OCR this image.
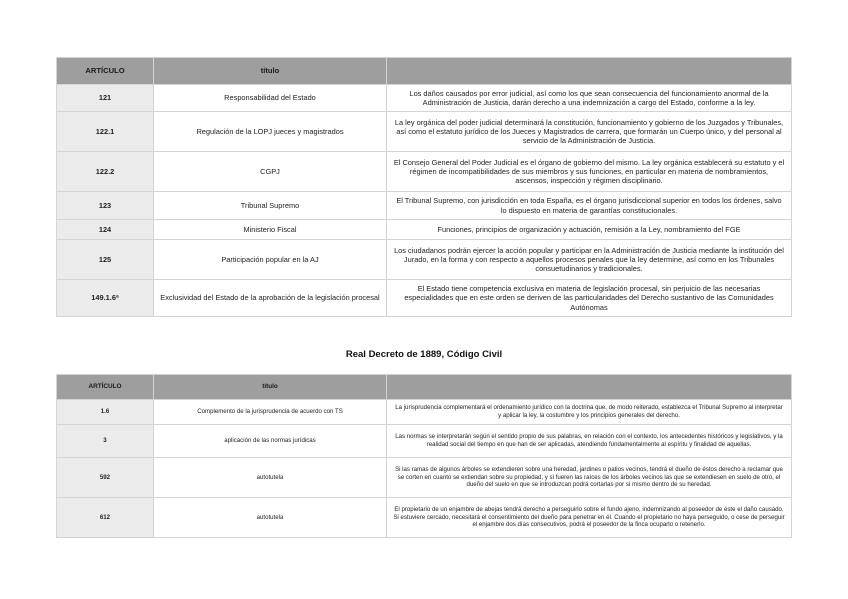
ARTÍCULO	título	
121	Responsabilidad del Estado	Los daños causados por error judicial, así como los que sean consecuencia del funcionamiento anormal de la Administración de Justicia, darán derecho a una indemnización a cargo del Estado, conforme a la ley.
122.1	Regulación de la LOPJ jueces y magistrados	La ley orgánica del poder judicial determinará la constitución, funcionamiento y gobierno de los Juzgados y Tribunales, así como el estatuto jurídico de los Jueces y Magistrados de carrera, que formarán un Cuerpo único, y del personal al servicio de la Administración de Justicia.
122.2	CGPJ	El Consejo General del Poder Judicial es el órgano de gobierno del mismo. La ley orgánica establecerá su estatuto y el régimen de incompatibilidades de sus miembros y sus funciones, en particular en materia de nombramientos, ascensos, inspección y régimen disciplinario.
123	Tribunal Supremo	El Tribunal Supremo, con jurisdicción en toda España, es el órgano jurisdiccional superior en todos los órdenes, salvo lo dispuesto en materia de garantías constitucionales.
124	Ministerio Fiscal	Funciones, principios de organización y actuación, remisión a la Ley, nombramiento del FGE
125	Participación popular en la AJ	Los ciudadanos podrán ejercer la acción popular y participar en la Administración de Justicia mediante la institución del Jurado, en la forma y con respecto a aquellos procesos penales que la ley determine, así como en los Tribunales consuetudinarios y tradicionales.
149.1.6ª	Exclusividad del Estado de la aprobación de la legislación procesal	El Estado tiene competencia exclusiva en materia de legislación procesal, sin perjuicio de las necesarias especialidades que en este orden se deriven de las particularidades del Derecho sustantivo de las Comunidades Autónomas
Real Decreto de 1889, Código Civil
ARTÍCULO	título	
1.6	Complemento de la jurisprudencia de acuerdo con TS	La jurisprudencia complementará el ordenamiento jurídico con la doctrina que, de modo reiterado, establezca el Tribunal Supremo al interpretar y aplicar la ley, la costumbre y los principios generales del derecho.
3	aplicación de las normas jurídicas	Las normas se interpretarán según el sentido propio de sus palabras, en relación con el contexto, los antecedentes históricos y legislativos, y la realidad social del tiempo en que han de ser aplicadas, atendiendo fundamentalmente al espíritu y finalidad de aquellas.
592	autotutela	Si las ramas de algunos árboles se extendieren sobre una heredad, jardines o patios vecinos, tendrá el dueño de éstos derecho a reclamar que se corten en cuanto se extiendan sobre su propiedad, y si fueren las raíces de los árboles vecinos las que se extendiesen en suelo de otro, el dueño del suelo en que se introduzcan podrá cortarlas por sí mismo dentro de su heredad.
612	autotutela	El propietario de un enjambre de abejas tendrá derecho a perseguirlo sobre el fundo ajeno, indemnizando al poseedor de éste el daño causado. Si estuviere cercado, necesitará el consentimiento del dueño para penetrar en él. Cuando el propietario no haya perseguido, o cese de perseguir el enjambre dos días consecutivos, podrá el poseedor de la finca ocuparlo o retenerlo.
